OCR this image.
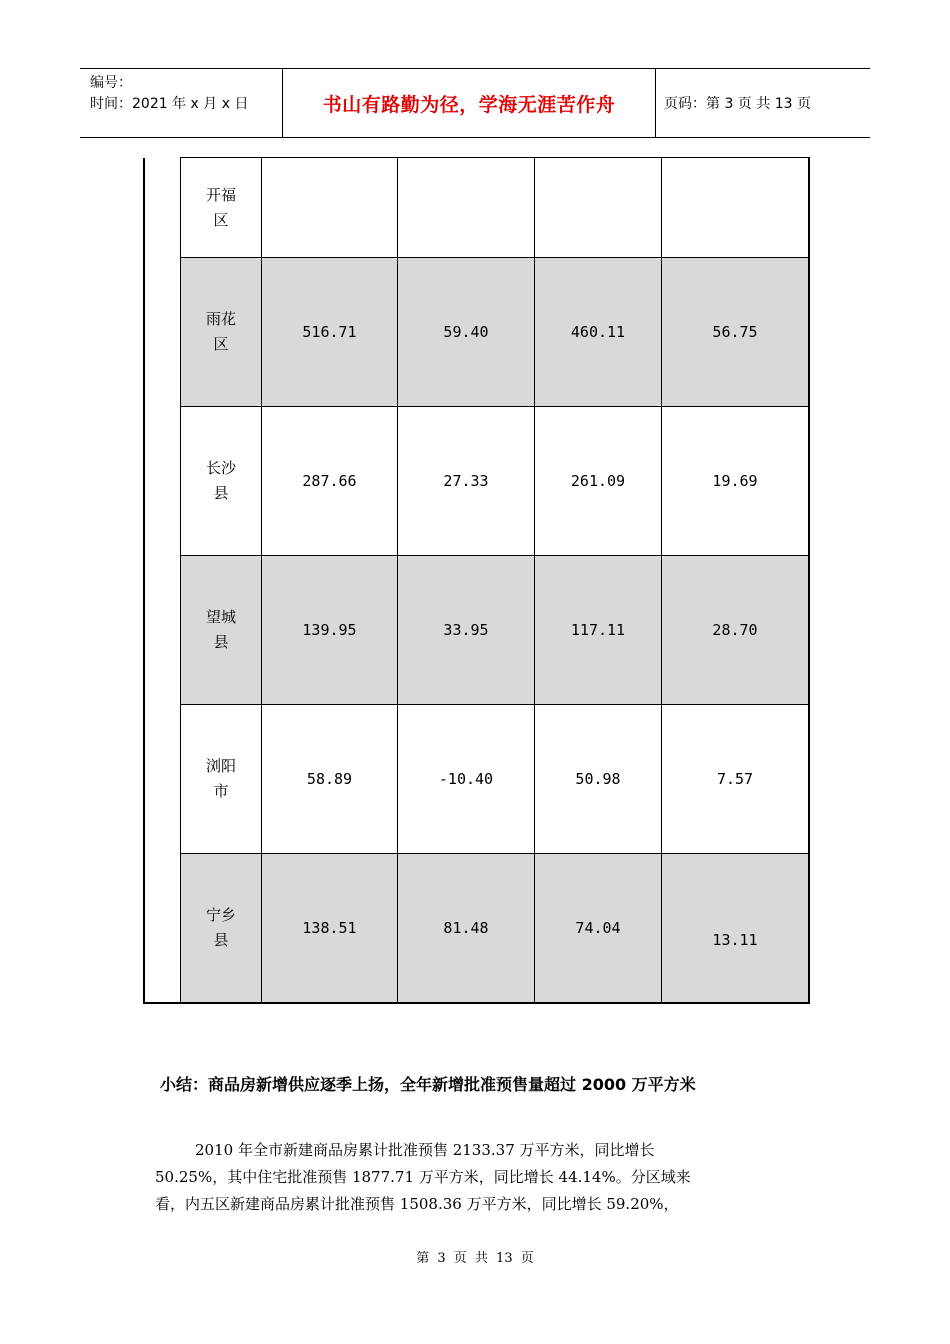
编号：
时间：2021 年 x 月 x 日	书山有路勤为径，学海无涯苦作舟	页码：第 3 页 共 13 页

	开福
区				

	雨花
区	516.71	59.40	460.11	56.75

	长沙
县	287.66	27.33	261.09	19.69

	望城
县	139.95	33.95	117.11	28.70

	浏阳
市	58.89	-10.40	50.98	7.57

	宁乡
县	138.51	81.48	74.04	13.11
小结：商品房新增供应逐季上扬，全年新增批准预售量超过 2000 万平方米

2010 年全市新建商品房累计批准预售 2133.37 万平方米，同比增长

50.25%，其中住宅批准预售 1877.71 万平方米，同比增长 44.14%。分区域来

看，内五区新建商品房累计批准预售 1508.36 万平方米，同比增长 59.20%，

第 3 页 共 13 页
